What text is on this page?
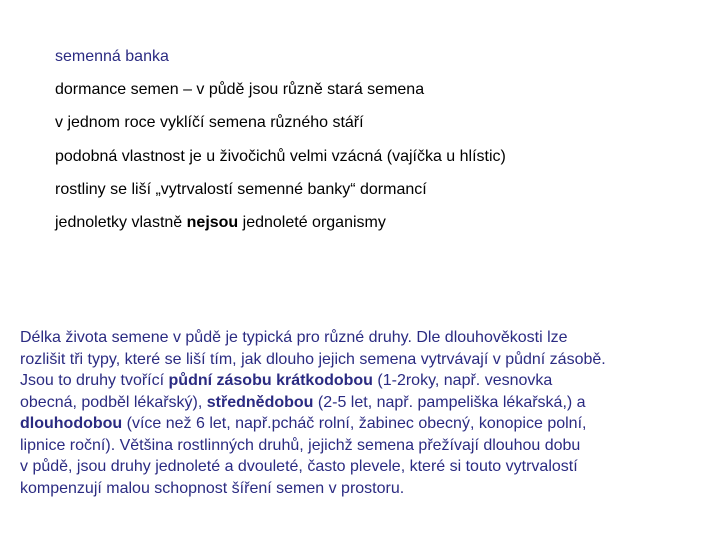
semenná banka
dormance semen – v půdě jsou různě stará semena
v jednom roce vyklíčí semena různého stáří
podobná vlastnost je u živočichů velmi vzácná (vajíčka u hlístic)
rostliny se liší „vytrvalostí semenné banky“ dormancí
jednoletky vlastně nejsou jednoleté organismy
Délka života semene v půdě je typická pro různé druhy. Dle dlouhověkosti lze
rozlišit tři typy, které se liší tím, jak dlouho jejich semena vytrvávají v půdní zásobě.
Jsou to druhy tvořící půdní zásobu krátkodobou (1-2roky, např. vesnovka
obecná, podběl lékařský), střednědobou (2-5 let, např. pampeliška lékařská,) a
dlouhodobou (více než 6 let, např.pcháč rolní, žabinec obecný, konopice polní,
lipnice roční). Většina rostlinných druhů, jejichž semena přežívají dlouhou dobu
v půdě, jsou druhy jednoleté a dvouleté, často plevele, které si touto vytrvalostí
kompenzují malou schopnost šíření semen v prostoru.
